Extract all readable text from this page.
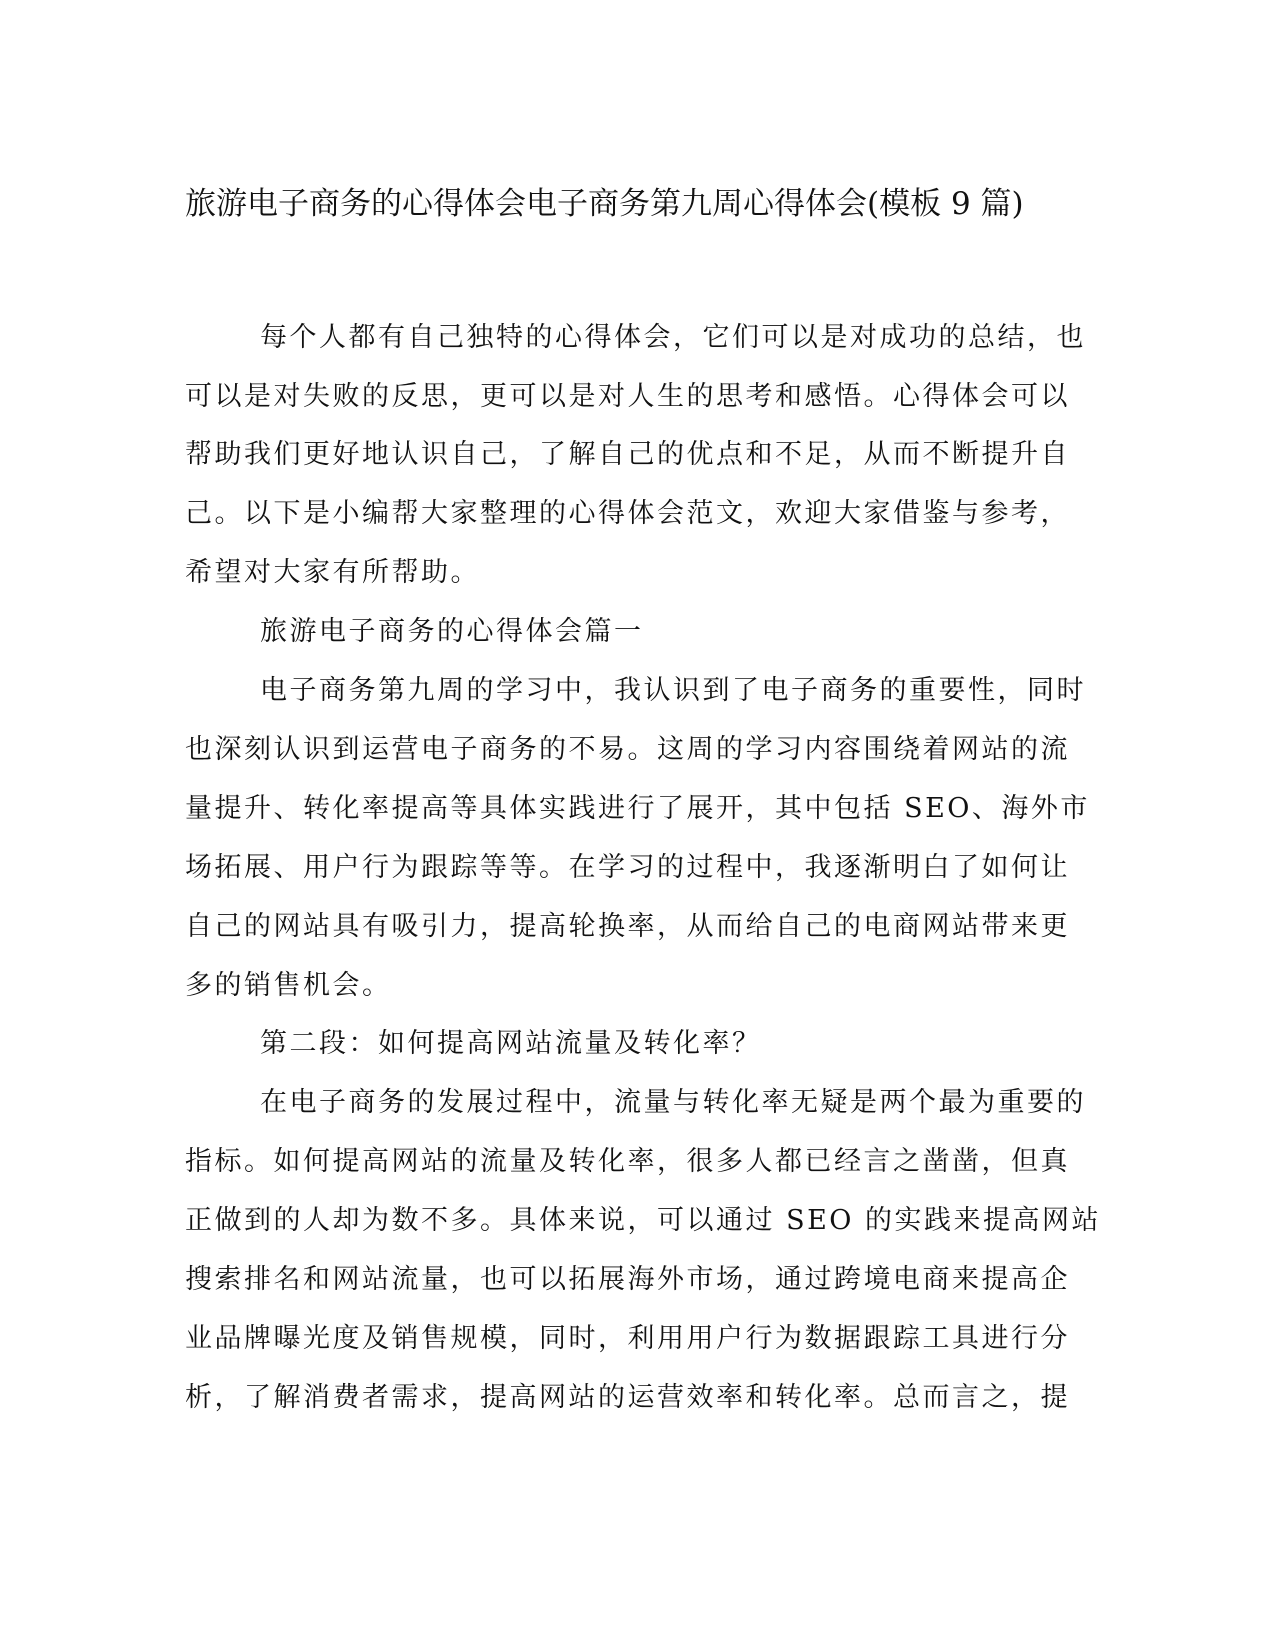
旅游电子商务的心得体会电子商务第九周心得体会(模板 9 篇)
每个人都有自己独特的心得体会，它们可以是对成功的总结，也
可以是对失败的反思，更可以是对人生的思考和感悟。心得体会可以
帮助我们更好地认识自己，了解自己的优点和不足，从而不断提升自
己。以下是小编帮大家整理的心得体会范文，欢迎大家借鉴与参考，
希望对大家有所帮助。
旅游电子商务的心得体会篇一
电子商务第九周的学习中，我认识到了电子商务的重要性，同时
也深刻认识到运营电子商务的不易。这周的学习内容围绕着网站的流
量提升、转化率提高等具体实践进行了展开，其中包括 SEO、海外市
场拓展、用户行为跟踪等等。在学习的过程中，我逐渐明白了如何让
自己的网站具有吸引力，提高轮换率，从而给自己的电商网站带来更
多的销售机会。
第二段：如何提高网站流量及转化率？
在电子商务的发展过程中，流量与转化率无疑是两个最为重要的
指标。如何提高网站的流量及转化率，很多人都已经言之凿凿，但真
正做到的人却为数不多。具体来说，可以通过 SEO 的实践来提高网站
搜索排名和网站流量，也可以拓展海外市场，通过跨境电商来提高企
业品牌曝光度及销售规模，同时，利用用户行为数据跟踪工具进行分
析，了解消费者需求，提高网站的运营效率和转化率。总而言之，提
